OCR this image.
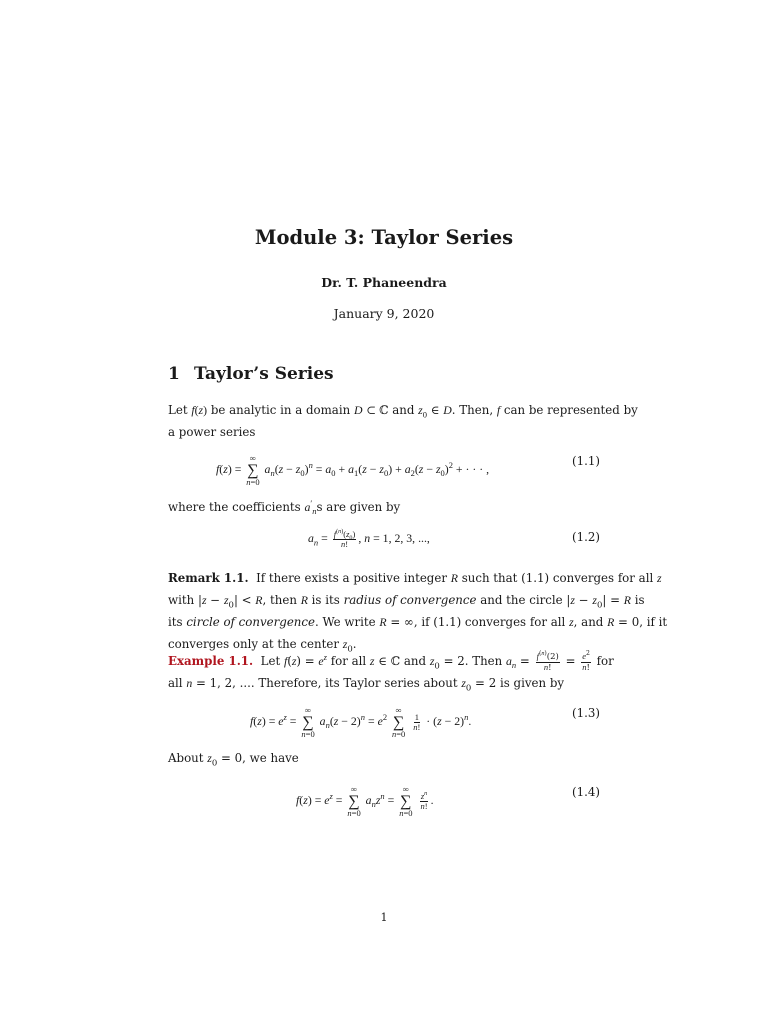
Module 3: Taylor Series
Dr. T. Phaneendra
January 9, 2020
1 Taylor’s Series
Let f(z) be analytic in a domain D ⊂ ℂ and $z_0$ ∈ D. Then, f can be represented by
a power series
f(z) =
∞
∑
n=0
$a_n(z - z_0)^n = a_0 + a_1(z - z_0) + a_2(z - z_0)^2$ + · · · ,
(1.1)
where the coefficients $a'_ns$ are given by
$a_n = \frac{f^{(n)}(z_0)}{n!}$ , n = 1, 2, 3, ...,	(1.2)
Remark 1.1. If there exists a positive integer R such that (1.1) converges for all z
with $|z - z_0| < R$, then R is its radius of convergence and the circle $|z - z_0| = R$ is
its circle of convergence. We write R = ∞, if (1.1) converges for all z, and R = 0, if it
converges only at the center $z_0$.
Example 1.1. Let $f(z) = e^z$ for all z ∈ ℂ and $z_0 = 2$. Then $a_n = \frac{f^{(n)}(2)}{n!} = \frac{e^2}{n!}$ for
all n = 1, 2, .... Therefore, its Taylor series about $z_0 = 2$ is given by
$f(z) = e^z$ =
∞
∑
n=0
$a_n(z - 2)^n = e^2$
∞
∑
n=0

$\frac{1}{n!} \cdot (z - 2)^n$.
(1.3)
About $z_0 = 0$, we have
$f(z) = e^z$ =
∞
∑
n=0
$a_nz^n$ =
∞
∑
n=0

$\frac{z^n}{n!}$ .
(1.4)
1
